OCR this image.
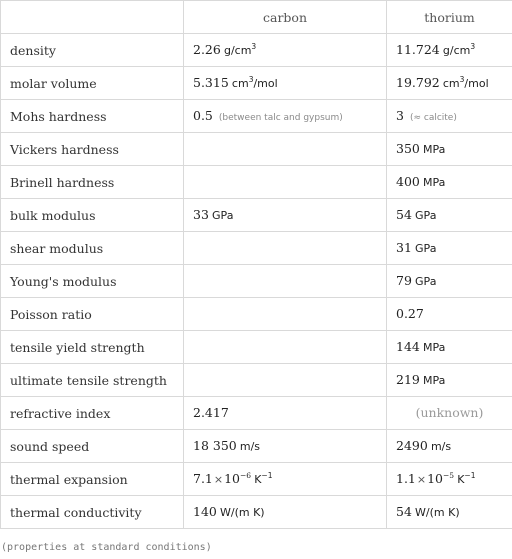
	carbon	thorium
density	2.26 $g/cm^3$	11.724 $g/cm^3$
molar volume	5.315 $cm^3$/mol	19.792 $cm^3$/mol
Mohs hardness	0.5 (between talc and gypsum)	3 (≈ calcite)
Vickers hardness		350 MPa
Brinell hardness		400 MPa
bulk modulus	33 GPa	54 GPa
shear modulus		31 GPa
Young's modulus		79 GPa
Poisson ratio		0.27
tensile yield strength		144 MPa
ultimate tensile strength		219 MPa
refractive index	2.417	(unknown)
sound speed	18 350 m/s	2490 m/s
thermal expansion	$7.1\times 10^{-6}$ $K^{-1}$	$1.1\times 10^{-5}$ $K^{-1}$
thermal conductivity	140 W/(m K)	54 W/(m K)
(properties at standard conditions)
